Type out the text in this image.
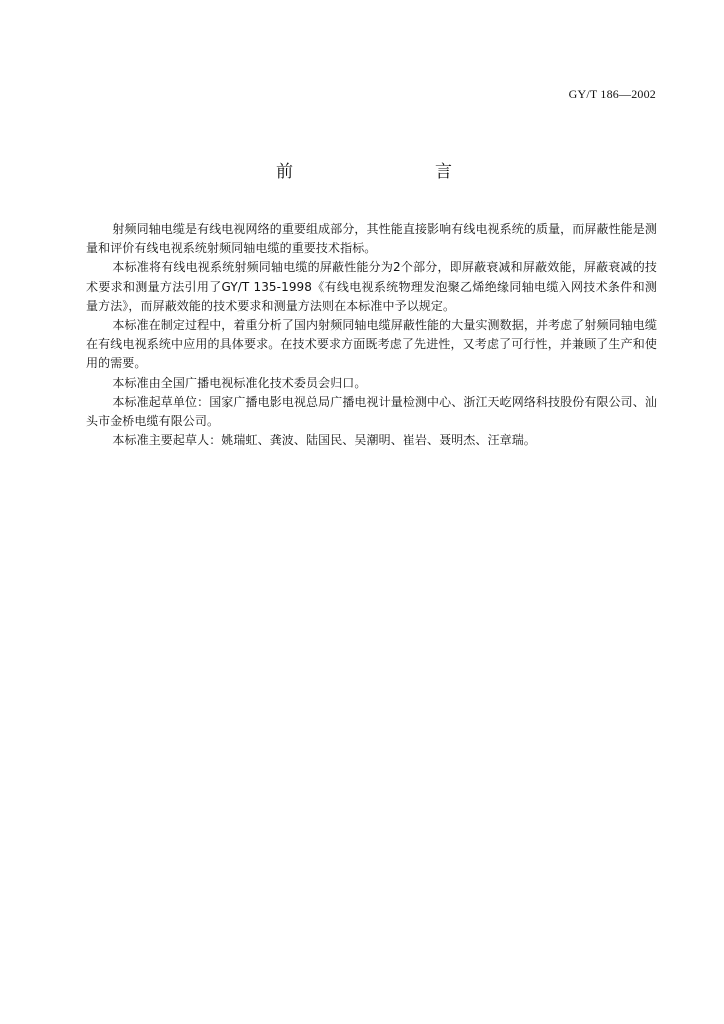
GY/T 186—2002
前　　言

射频同轴电缆是有线电视网络的重要组成部分，其性能直接影响有线电视系统的质量，而屏蔽性能是测量和评价有线电视系统射频同轴电缆的重要技术指标。

本标准将有线电视系统射频同轴电缆的屏蔽性能分为2个部分，即屏蔽衰减和屏蔽效能，屏蔽衰减的技术要求和测量方法引用了GY/T 135-1998《有线电视系统物理发泡聚乙烯绝缘同轴电缆入网技术条件和测量方法》，而屏蔽效能的技术要求和测量方法则在本标准中予以规定。

本标准在制定过程中，着重分析了国内射频同轴电缆屏蔽性能的大量实测数据，并考虑了射频同轴电缆在有线电视系统中应用的具体要求。在技术要求方面既考虑了先进性，又考虑了可行性，并兼顾了生产和使用的需要。

本标准由全国广播电视标准化技术委员会归口。

本标准起草单位：国家广播电影电视总局广播电视计量检测中心、浙江天屹网络科技股份有限公司、汕头市金桥电缆有限公司。

本标准主要起草人：姚瑞虹、龚波、陆国民、吴潮明、崔岩、聂明杰、汪章瑞。
